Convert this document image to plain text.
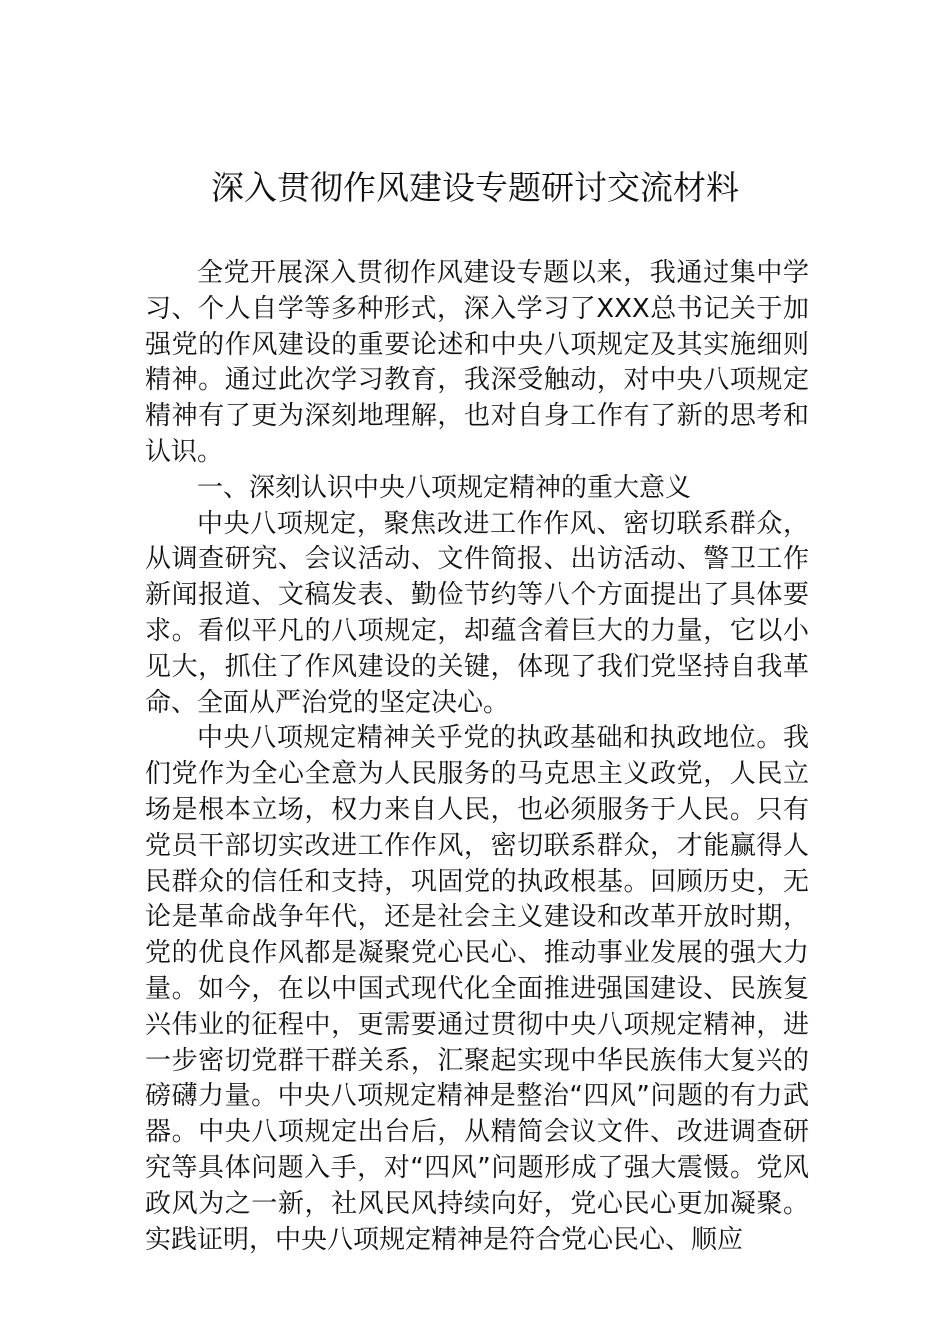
深入贯彻作风建设专题研讨交流材料

全党开展深入贯彻作风建设专题以来，我通过集中学习、个人自学等多种形式，深入学习了XXX总书记关于加强党的作风建设的重要论述和中央八项规定及其实施细则精神。通过此次学习教育，我深受触动，对中央八项规定精神有了更为深刻地理解，也对自身工作有了新的思考和认识。

一、深刻认识中央八项规定精神的重大意义

中央八项规定，聚焦改进工作作风、密切联系群众，从调查研究、会议活动、文件简报、出访活动、警卫工作新闻报道、文稿发表、勤俭节约等八个方面提出了具体要求。看似平凡的八项规定，却蕴含着巨大的力量，它以小见大，抓住了作风建设的关键，体现了我们党坚持自我革命、全面从严治党的坚定决心。

中央八项规定精神关乎党的执政基础和执政地位。我们党作为全心全意为人民服务的马克思主义政党，人民立场是根本立场，权力来自人民，也必须服务于人民。只有党员干部切实改进工作作风，密切联系群众，才能赢得人民群众的信任和支持，巩固党的执政根基。回顾历史，无论是革命战争年代，还是社会主义建设和改革开放时期，党的优良作风都是凝聚党心民心、推动事业发展的强大力量。如今，在以中国式现代化全面推进强国建设、民族复兴伟业的征程中，更需要通过贯彻中央八项规定精神，进一步密切党群干群关系，汇聚起实现中华民族伟大复兴的磅礴力量。中央八项规定精神是整治“四风”问题的有力武器。中央八项规定出台后，从精简会议文件、改进调查研究等具体问题入手，对“四风”问题形成了强大震慑。党风政风为之一新，社风民风持续向好，党心民心更加凝聚。实践证明，中央八项规定精神是符合党心民心、顺应
